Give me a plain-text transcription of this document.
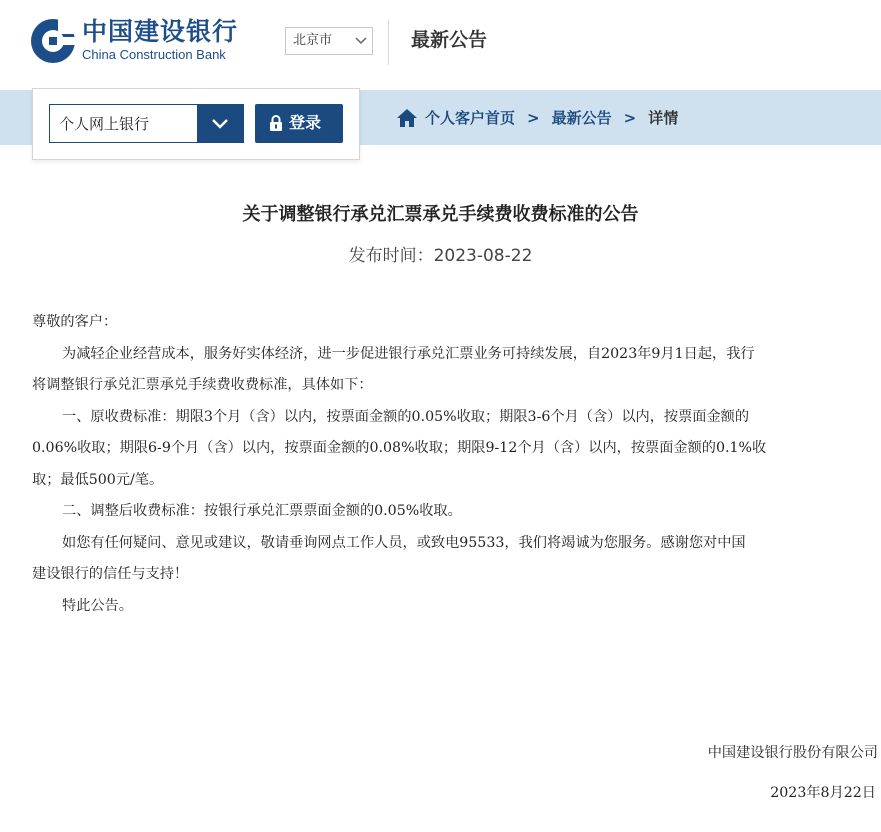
中国建设银行
China Construction Bank
北京市	最新公告
个人网上银行	登录	个人客户首页 > 最新公告 > 详情
关于调整银行承兑汇票承兑手续费收费标准的公告
发布时间：2023-08-22
尊敬的客户：
为减轻企业经营成本，服务好实体经济，进一步促进银行承兑汇票业务可持续发展，自2023年9月1日起，我行
将调整银行承兑汇票承兑手续费收费标准，具体如下：
一、原收费标准：期限3个月（含）以内，按票面金额的0.05%收取；期限3-6个月（含）以内，按票面金额的
0.06%收取；期限6-9个月（含）以内，按票面金额的0.08%收取；期限9-12个月（含）以内，按票面金额的0.1%收
取；最低500元/笔。
二、调整后收费标准：按银行承兑汇票票面金额的0.05%收取。
如您有任何疑问、意见或建议，敬请垂询网点工作人员，或致电95533，我们将竭诚为您服务。感谢您对中国
建设银行的信任与支持！
特此公告。
中国建设银行股份有限公司
2023年8月22日
